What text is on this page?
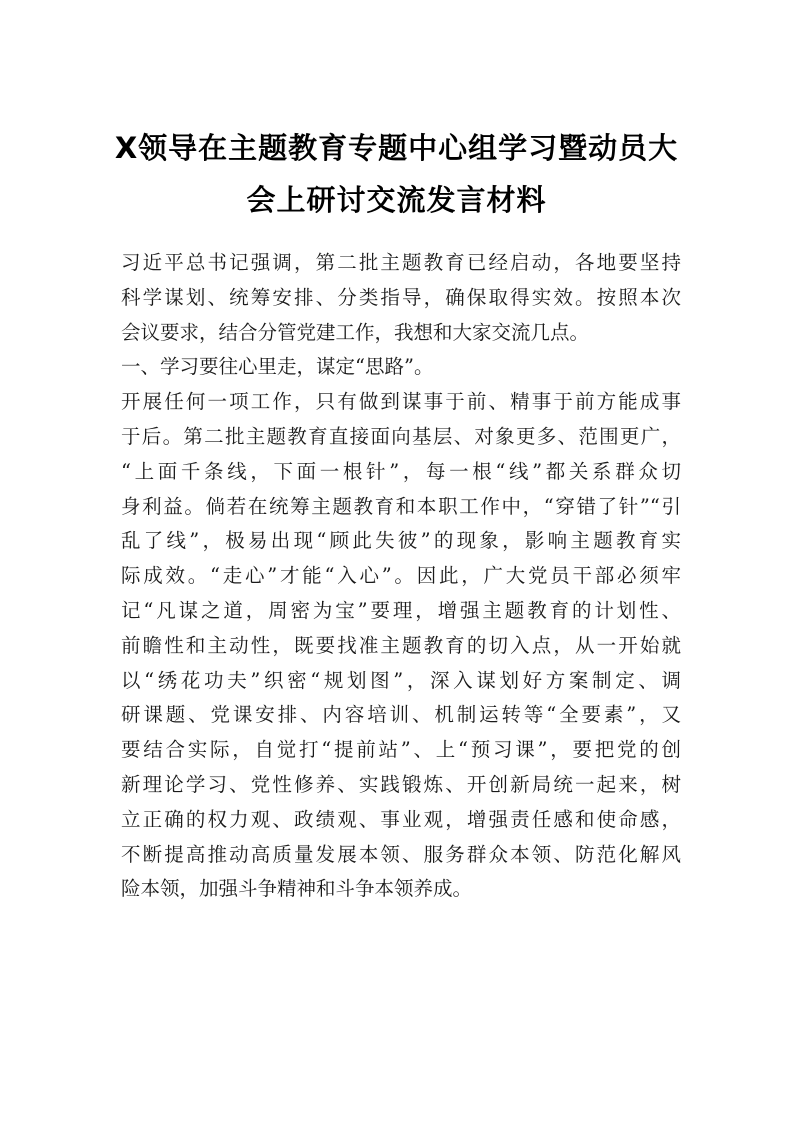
X领导在主题教育专题中心组学习暨动员大
会上研讨交流发言材料
习近平总书记强调，第二批主题教育已经启动，各地要坚持
科学谋划、统筹安排、分类指导，确保取得实效。按照本次
会议要求，结合分管党建工作，我想和大家交流几点。
一、学习要往心里走，谋定“思路”。
开展任何一项工作，只有做到谋事于前、精事于前方能成事
于后。第二批主题教育直接面向基层、对象更多、范围更广，
“上面千条线，下面一根针”，每一根“线”都关系群众切
身利益。倘若在统筹主题教育和本职工作中，“穿错了针”“引
乱了线”，极易出现“顾此失彼”的现象，影响主题教育实
际成效。“走心”才能“入心”。因此，广大党员干部必须牢
记“凡谋之道，周密为宝”要理，增强主题教育的计划性、
前瞻性和主动性，既要找准主题教育的切入点，从一开始就
以“绣花功夫”织密“规划图”，深入谋划好方案制定、调
研课题、党课安排、内容培训、机制运转等“全要素”，又
要结合实际，自觉打“提前站”、上“预习课”，要把党的创
新理论学习、党性修养、实践锻炼、开创新局统一起来，树
立正确的权力观、政绩观、事业观，增强责任感和使命感，
不断提高推动高质量发展本领、服务群众本领、防范化解风
险本领，加强斗争精神和斗争本领养成。
